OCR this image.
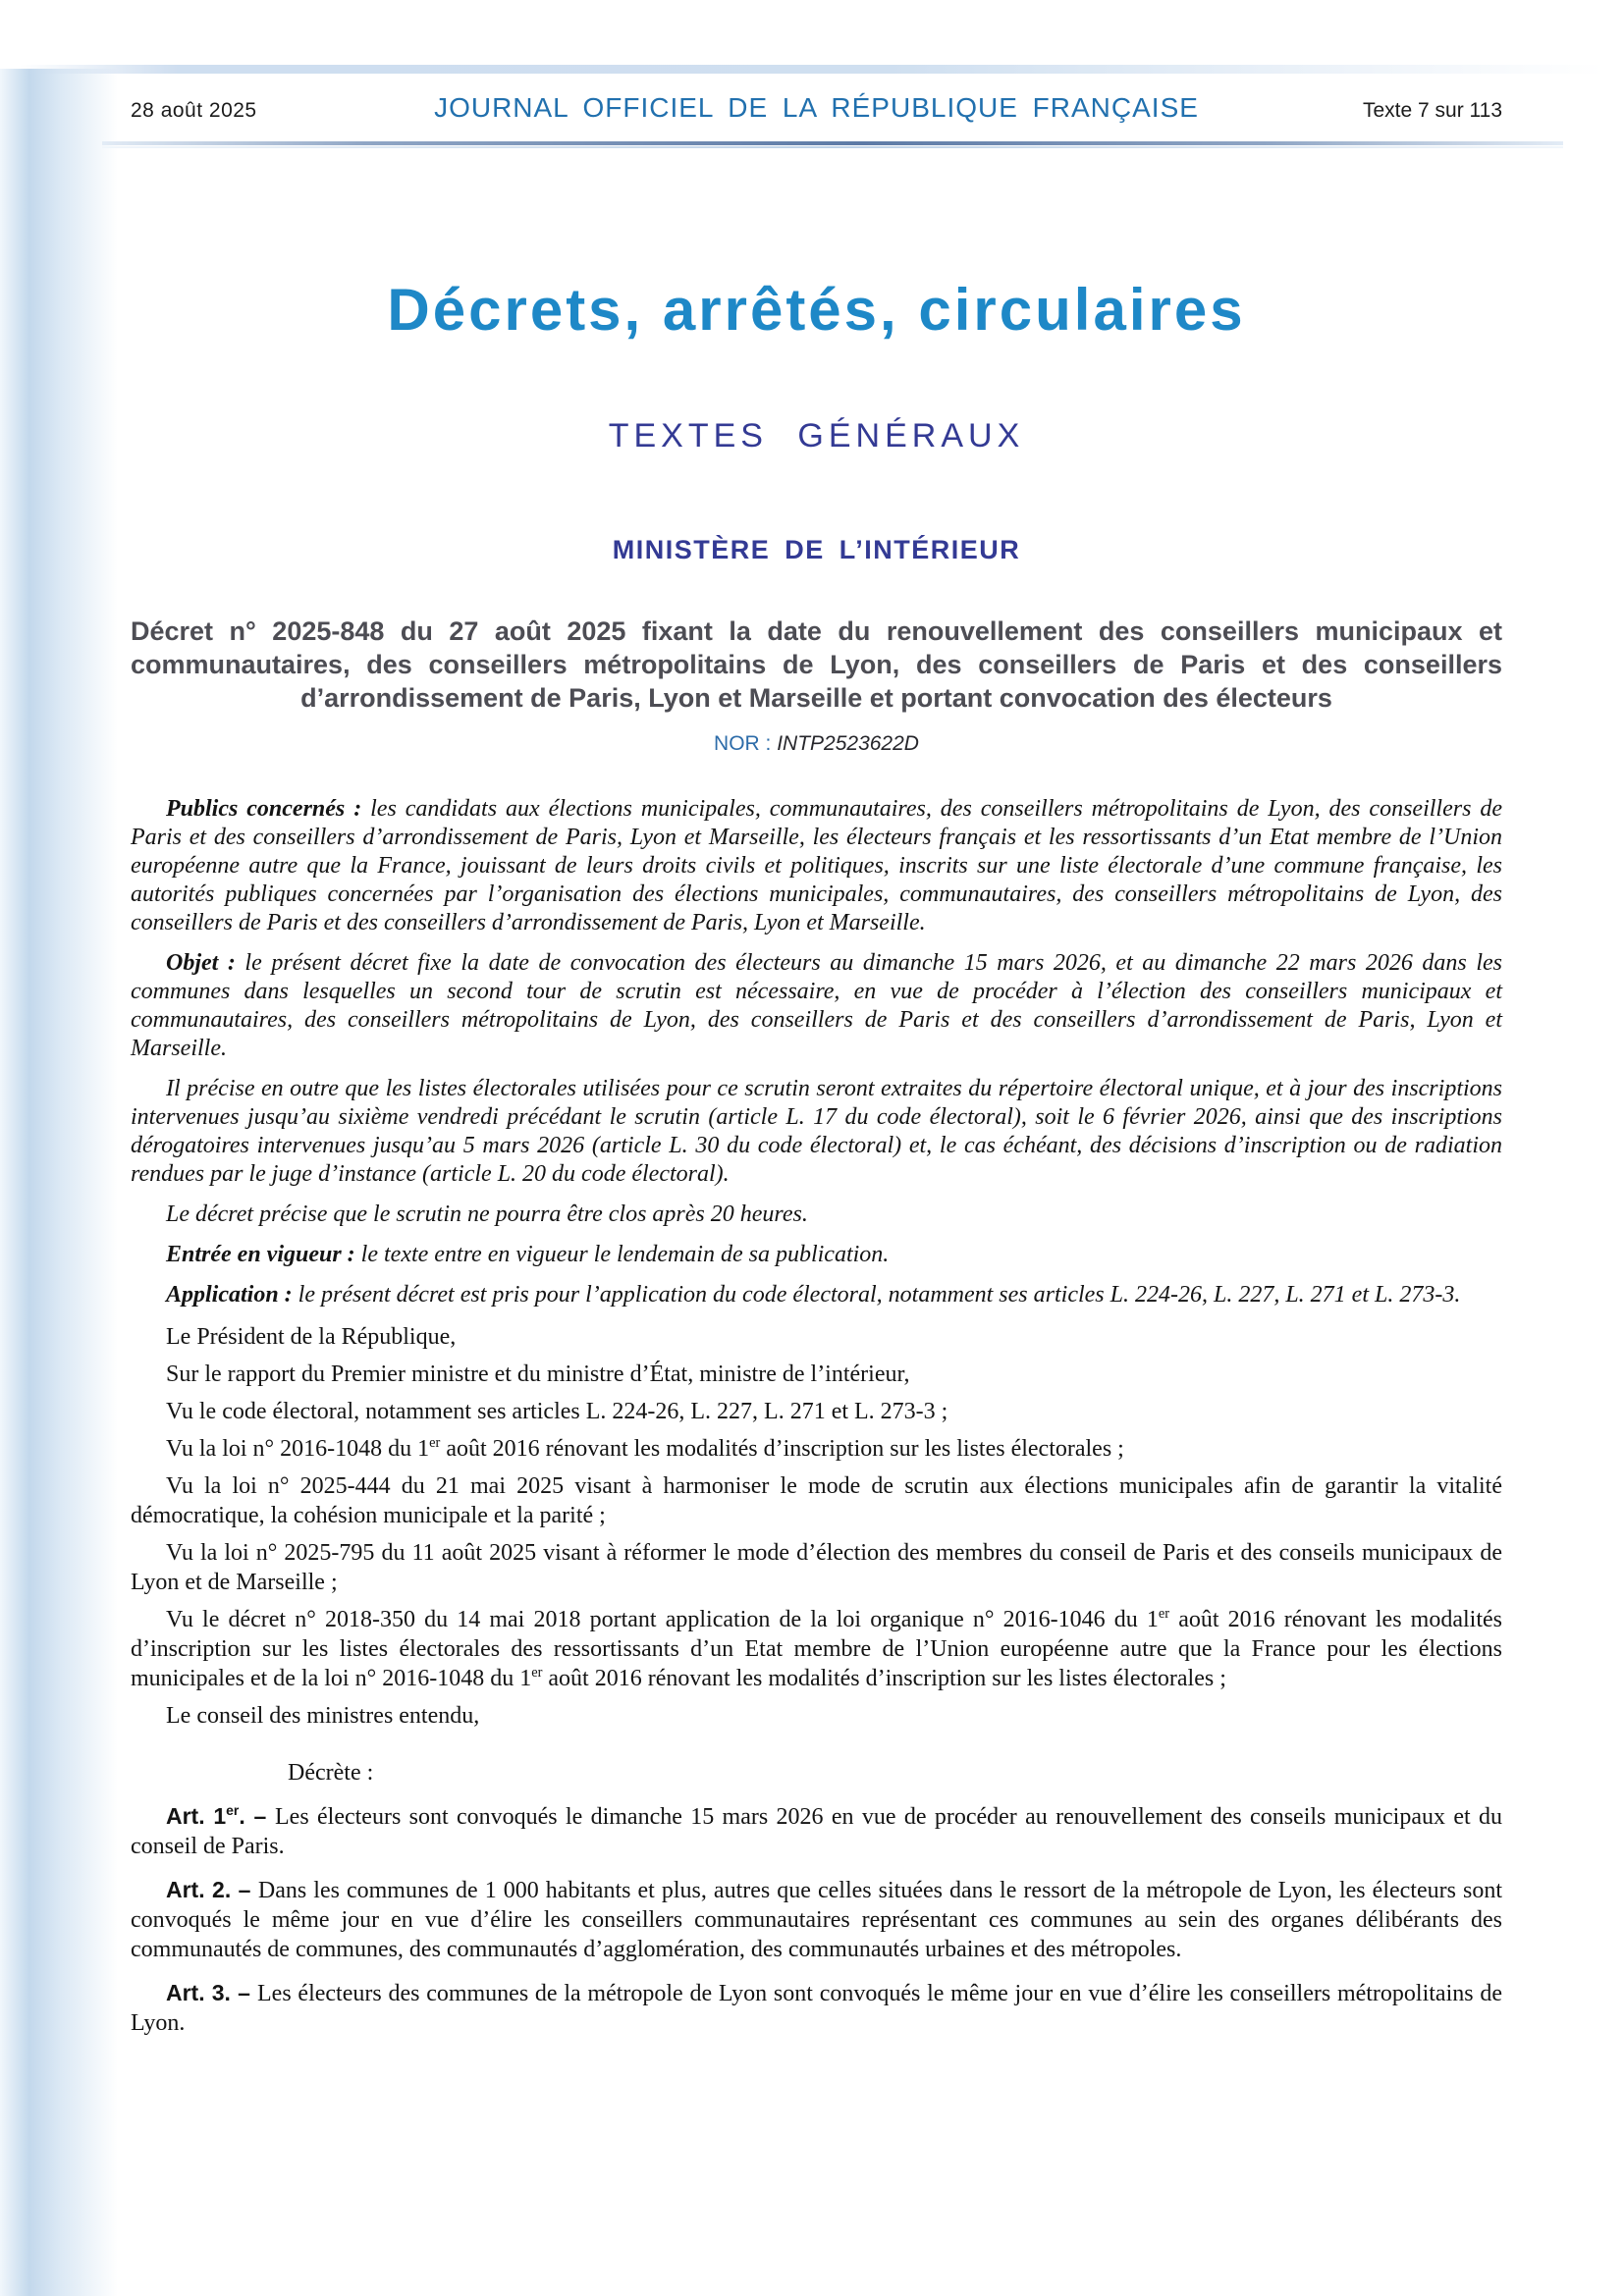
28 août 2025	JOURNAL OFFICIEL DE LA RÉPUBLIQUE FRANÇAISE	Texte 7 sur 113
Décrets, arrêtés, circulaires
TEXTES GÉNÉRAUX
MINISTÈRE DE L’INTÉRIEUR
Décret n° 2025-848 du 27 août 2025 fixant la date du renouvellement des conseillers municipaux et communautaires, des conseillers métropolitains de Lyon, des conseillers de Paris et des conseillers d’arrondissement de Paris, Lyon et Marseille et portant convocation des électeurs
NOR : INTP2523622D

Publics concernés : les candidats aux élections municipales, communautaires, des conseillers métropolitains de Lyon, des conseillers de Paris et des conseillers d’arrondissement de Paris, Lyon et Marseille, les électeurs français et les ressortissants d’un Etat membre de l’Union européenne autre que la France, jouissant de leurs droits civils et politiques, inscrits sur une liste électorale d’une commune française, les autorités publiques concernées par l’organisation des élections municipales, communautaires, des conseillers métropolitains de Lyon, des conseillers de Paris et des conseillers d’arrondissement de Paris, Lyon et Marseille.

Objet : le présent décret fixe la date de convocation des électeurs au dimanche 15 mars 2026, et au dimanche 22 mars 2026 dans les communes dans lesquelles un second tour de scrutin est nécessaire, en vue de procéder à l’élection des conseillers municipaux et communautaires, des conseillers métropolitains de Lyon, des conseillers de Paris et des conseillers d’arrondissement de Paris, Lyon et Marseille.

Il précise en outre que les listes électorales utilisées pour ce scrutin seront extraites du répertoire électoral unique, et à jour des inscriptions intervenues jusqu’au sixième vendredi précédant le scrutin (article L. 17 du code électoral), soit le 6 février 2026, ainsi que des inscriptions dérogatoires intervenues jusqu’au 5 mars 2026 (article L. 30 du code électoral) et, le cas échéant, des décisions d’inscription ou de radiation rendues par le juge d’instance (article L. 20 du code électoral).

Le décret précise que le scrutin ne pourra être clos après 20 heures.

Entrée en vigueur : le texte entre en vigueur le lendemain de sa publication.

Application : le présent décret est pris pour l’application du code électoral, notamment ses articles L. 224-26, L. 227, L. 271 et L. 273-3.

Le Président de la République,

Sur le rapport du Premier ministre et du ministre d’État, ministre de l’intérieur,

Vu le code électoral, notamment ses articles L. 224-26, L. 227, L. 271 et L. 273-3 ;

Vu la loi n° 2016-1048 du 1er août 2016 rénovant les modalités d’inscription sur les listes électorales ;

Vu la loi n° 2025-444 du 21 mai 2025 visant à harmoniser le mode de scrutin aux élections municipales afin de garantir la vitalité démocratique, la cohésion municipale et la parité ;

Vu la loi n° 2025-795 du 11 août 2025 visant à réformer le mode d’élection des membres du conseil de Paris et des conseils municipaux de Lyon et de Marseille ;

Vu le décret n° 2018-350 du 14 mai 2018 portant application de la loi organique n° 2016-1046 du 1er août 2016 rénovant les modalités d’inscription sur les listes électorales des ressortissants d’un Etat membre de l’Union européenne autre que la France pour les élections municipales et de la loi n° 2016-1048 du 1er août 2016 rénovant les modalités d’inscription sur les listes électorales ;

Le conseil des ministres entendu,

Décrète :

Art. 1er. – Les électeurs sont convoqués le dimanche 15 mars 2026 en vue de procéder au renouvellement des conseils municipaux et du conseil de Paris.

Art. 2. – Dans les communes de 1 000 habitants et plus, autres que celles situées dans le ressort de la métropole de Lyon, les électeurs sont convoqués le même jour en vue d’élire les conseillers communautaires représentant ces communes au sein des organes délibérants des communautés de communes, des communautés d’agglomération, des communautés urbaines et des métropoles.

Art. 3. – Les électeurs des communes de la métropole de Lyon sont convoqués le même jour en vue d’élire les conseillers métropolitains de Lyon.
